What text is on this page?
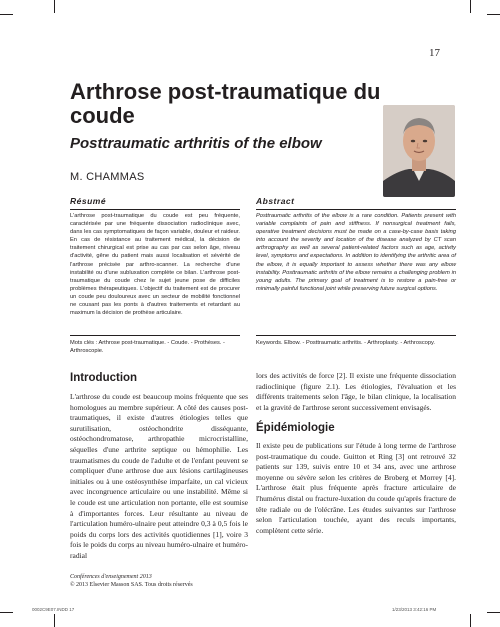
17
Arthrose post-traumatique du coude
Posttraumatic arthritis of the elbow
M. CHAMMAS
Résumé

L'arthrose post-traumatique du coude est peu fréquente, caractérisée par une fréquente dissociation radioclinique avec, dans les cas symptomatiques de façon variable, douleur et raideur. En cas de résistance au traitement médical, la décision de traitement chirurgical est prise au cas par cas selon âge, niveau d'activité, gêne du patient mais aussi localisation et sévérité de l'arthrose précisée par arthro-scanner. La recherche d'une instabilité ou d'une subluxation complète ce bilan. L'arthrose post-traumatique du coude chez le sujet jeune pose de difficiles problèmes thérapeutiques. L'objectif du traitement est de procurer un coude peu douloureux avec un secteur de mobilité fonctionnel ne cousant pas les ponts à d'autres traitements et retardant au maximum la décision de prothèse articulaire.

Mots clés : Arthrose post-traumatique. - Coude. - Prothèses. - Arthroscopie.
Abstract

Posttraumatic arthritis of the elbow is a rare condition. Patients present with variable complaints of pain and stiffness. If nonsurgical treatment fails, operative treatment decisions must be made on a case-by-case basis taking into account the severity and location of the disease analyzed by CT scan arthrography as well as several patient-related factors such as age, activity level, symptoms and expectations. In addition to identifying the arthritic area of the elbow, it is equally important to assess whether there was any elbow instability. Posttraumatic arthritis of the elbow remains a challenging problem in young adults. The primary goal of treatment is to restore a pain-free or minimally painful functional joint while preserving future surgical options.

Keywords. Elbow. - Posttraumatic arthritis. - Arthroplasty. - Arthroscopy.
Introduction

L'arthrose du coude est beaucoup moins fréquente que ses homologues au membre supérieur. A côté des causes post-traumatiques, il existe d'autres étiologies telles que surutilisation, ostéochondrite disséquante, ostéochondromatose, arthropathie microcristalline, séquelles d'une arthrite septique ou hémophilie. Les traumatismes du coude de l'adulte et de l'enfant peuvent se compliquer d'une arthrose due aux lésions cartilagineuses initiales ou à une ostéosynthèse imparfaite, un cal vicieux avec incongruence articulaire ou une instabilité. Même si le coude est une articulation non portante, elle est soumise à d'importantes forces. Leur résultante au niveau de l'articulation huméro-ulnaire peut atteindre 0,3 à 0,5 fois le poids du corps lors des activités quotidiennes [1], voire 3 fois le poids du corps au niveau huméro-ulnaire et huméro-radial

lors des activités de force [2]. Il existe une fréquente dissociation radioclinique (figure 2.1). Les étiologies, l'évaluation et les différents traitements selon l'âge, le bilan clinique, la localisation et la gravité de l'arthrose seront successivement envisagés.

Épidémiologie

Il existe peu de publications sur l'étude à long terme de l'arthrose post-traumatique du coude. Guitton et Ring [3] ont retrouvé 32 patients sur 139, suivis entre 10 et 34 ans, avec une arthrose moyenne ou sévère selon les critères de Broberg et Morrey [4]. L'arthrose était plus fréquente après fracture articulaire de l'humérus distal ou fracture-luxation du coude qu'après fracture de tête radiale ou de l'olécrâne. Les études suivantes sur l'arthrose selon l'articulation touchée, ayant des reculs importants, complètent cette série.

Conférences d'enseignement 2013
© 2013 Elsevier Masson SAS. Tous droits réservés
0002C9E07.INDD 17	1/23/2013 3:42:16 PM
